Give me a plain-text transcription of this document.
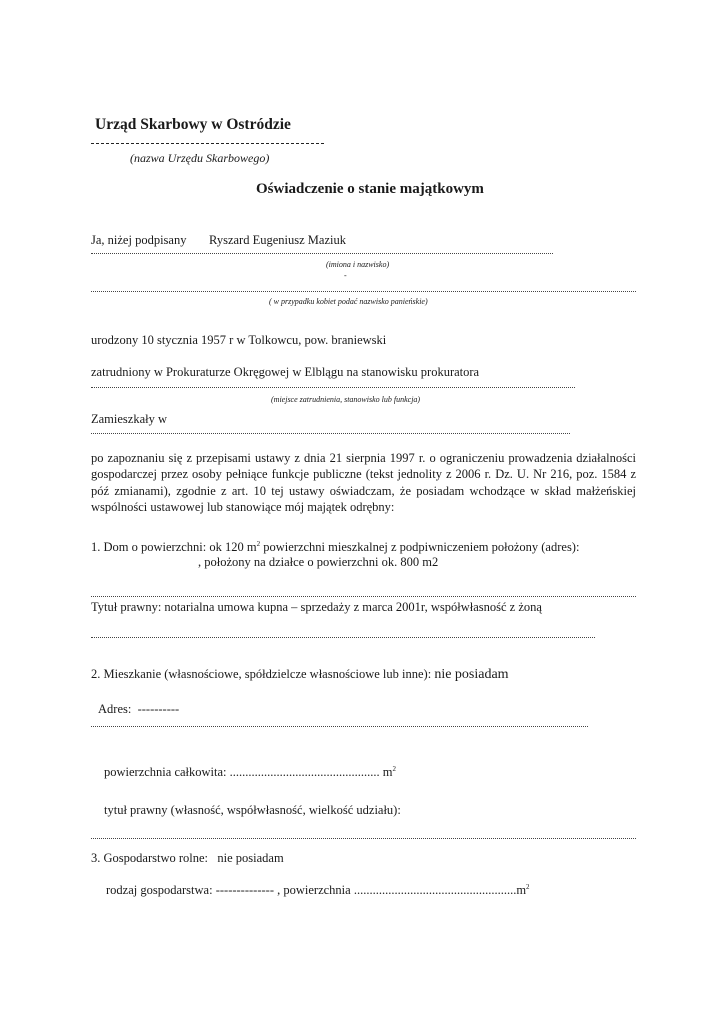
Urząd Skarbowy w Ostródzie
(nazwa Urzędu Skarbowego)
Oświadczenie o stanie majątkowym
Ja, niżej podpisany Ryszard Eugeniusz Maziuk
(imiona i nazwisko)
-
( w przypadku kobiet podać nazwisko panieńskie)
urodzony 10 stycznia 1957 r w Tolkowcu, pow. braniewski
zatrudniony w Prokuraturze Okręgowej w Elblągu na stanowisku prokuratora
(miejsce zatrudnienia, stanowisko lub funkcja)
Zamieszkały w
po zapoznaniu się z przepisami ustawy z dnia 21 sierpnia 1997 r. o ograniczeniu prowadzenia działalności gospodarczej przez osoby pełniące funkcje publiczne (tekst jednolity z 2006 r. Dz. U. Nr 216, poz. 1584 z póź zmianami), zgodnie z art. 10 tej ustawy oświadczam, że posiadam wchodzące w skład małżeńskiej wspólności ustawowej lub stanowiące mój majątek odrębny:
1. Dom o powierzchni: ok 120 $m^2$ powierzchni mieszkalnej z podpiwniczeniem położony (adres):
, położony na działce o powierzchni ok. 800 m2
Tytuł prawny: notarialna umowa kupna – sprzedaży z marca 2001r, współwłasność z żoną
2. Mieszkanie (własnościowe, spółdzielcze własnościowe lub inne): nie posiadam
Adres: ----------
powierzchnia całkowita: ................................................ $m^2$
tytuł prawny (własność, współwłasność, wielkość udziału):
3. Gospodarstwo rolne: nie posiadam
rodzaj gospodarstwa: -------------- , powierzchnia $....................................................m^2$
